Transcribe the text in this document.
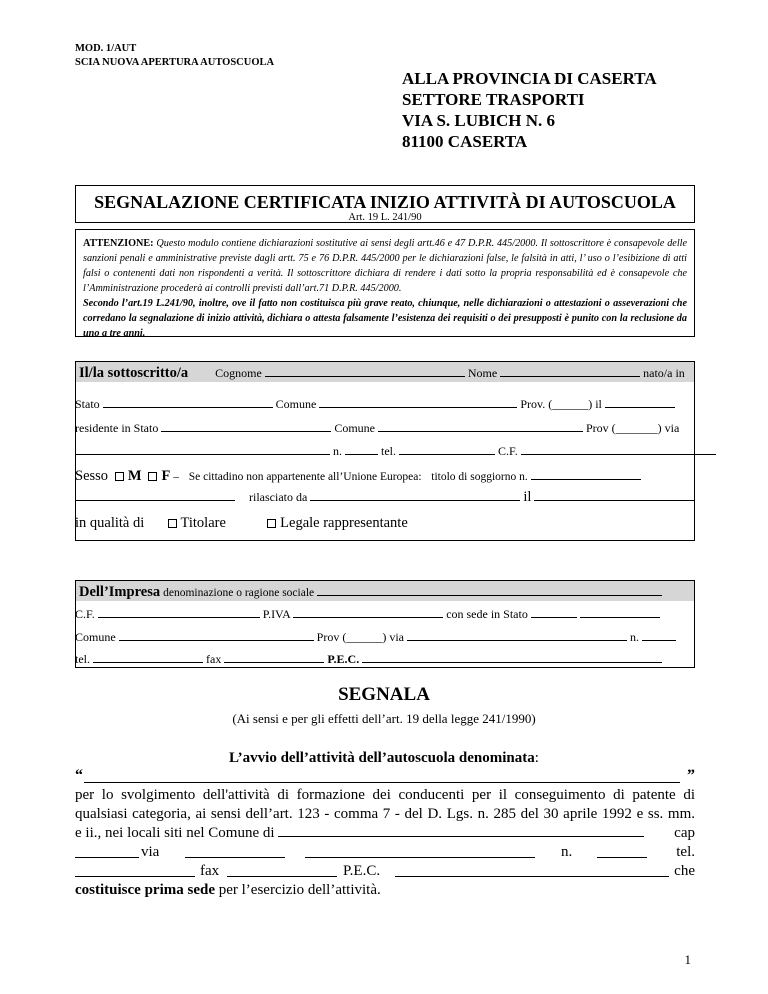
MOD. 1/AUT
SCIA NUOVA APERTURA AUTOSCUOLA
ALLA PROVINCIA DI CASERTA
SETTORE TRASPORTI
VIA S. LUBICH N. 6
81100 CASERTA
SEGNALAZIONE CERTIFICATA INIZIO ATTIVITÀ DI AUTOSCUOLA
Art. 19 L. 241/90
ATTENZIONE: Questo modulo contiene dichiarazioni sostitutive ai sensi degli artt.46 e 47 D.P.R. 445/2000. Il sottoscrittore è consapevole delle sanzioni penali e amministrative previste dagli artt. 75 e 76 D.P.R. 445/2000 per le dichiarazioni false, le falsità in atti, l’ uso o l’esibizione di atti falsi o contenenti dati non rispondenti a verità. Il sottoscrittore dichiara di rendere i dati sotto la propria responsabilità ed è consapevole che l’Amministrazione procederà ai controlli previsti dall’art.71 D.P.R. 445/2000.
Secondo l’art.19 L.241/90, inoltre, ove il fatto non costituisca più grave reato, chiunque, nelle dichiarazioni o attestazioni o asseverazioni che corredano la segnalazione di inizio attività, dichiara o attesta falsamente l’esistenza dei requisiti o dei presupposti è punito con la reclusione da uno a tre anni.
Il/la sottoscritto/a Cognome	Nome	nato/a in
Stato	Comune	Prov. (______) il
residente in Stato	Comune	Prov (_______) via
n.	tel.	C.F.
Sesso M F – Se cittadino non appartenente all’Unione Europea: titolo di soggiorno n.
rilasciato da	il
in qualità di	Titolare	Legale rappresentante
Dell’Impresa denominazione o ragione sociale
C.F.	P.IVA	con sede in Stato
Comune	Prov (______) via	n.
tel.	fax	P.E.C.
SEGNALA
(Ai sensi e per gli effetti dell’art. 19 della legge 241/1990)
L’avvio dell’attività dell’autoscuola denominata:
“	”
per lo svolgimento dell'attività di formazione dei conducenti per il conseguimento di patente di
qualsiasi categoria, ai sensi dell’art. 123 - comma 7 - del D. Lgs. n. 285 del 30 aprile 1992 e ss. mm.
e ii., nei locali siti nel Comune di	cap
via	n.	tel.
fax	P.E.C.	che
costituisce prima sede per l’esercizio dell’attività.
1
